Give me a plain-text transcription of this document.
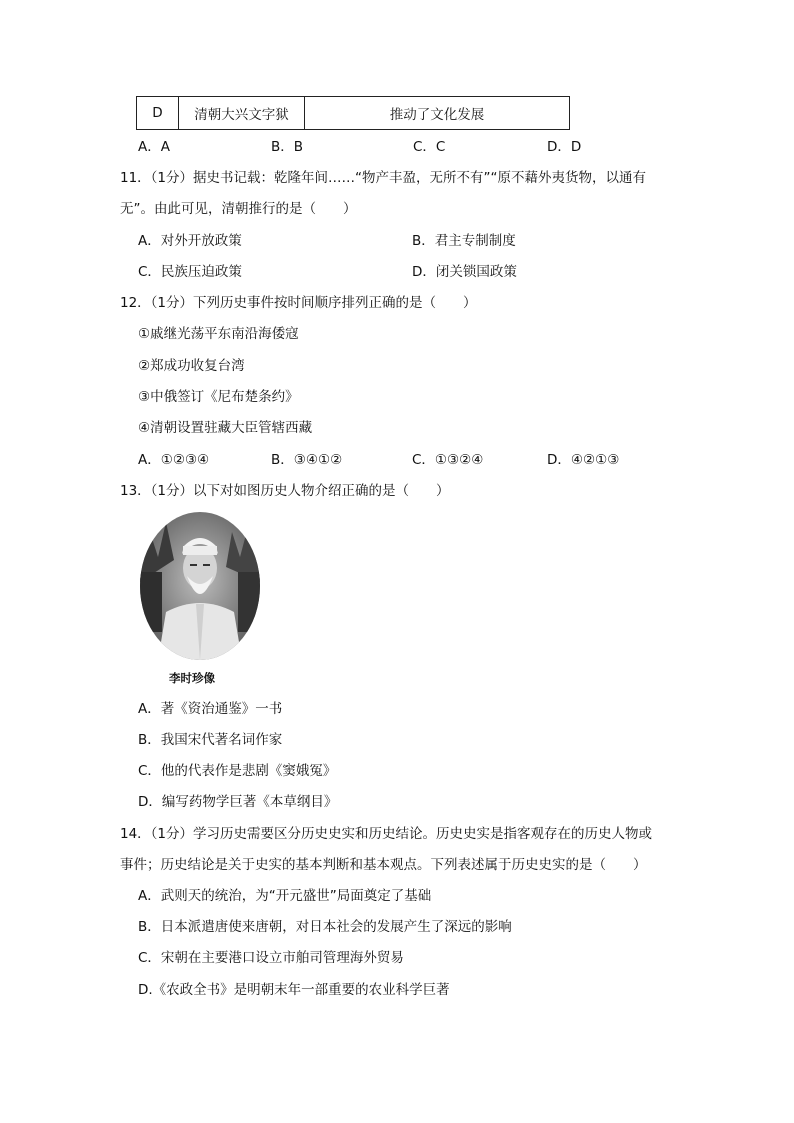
D	清朝大兴文字狱	推动了文化发展
A．A	B．B	C．C	D．D
11．（1分）据史书记载：乾隆年间……“物产丰盈，无所不有”“原不藉外夷货物，以通有
无”。由此可见，清朝推行的是（　　）
A．对外开放政策	B．君主专制制度
C．民族压迫政策	D．闭关锁国政策
12．（1分）下列历史事件按时间顺序排列正确的是（　　）
①戚继光荡平东南沿海倭寇
②郑成功收复台湾
③中俄签订《尼布楚条约》
④清朝设置驻藏大臣管辖西藏
A．①②③④	B．③④①②	C．①③②④	D．④②①③
13．（1分）以下对如图历史人物介绍正确的是（　　）
李时珍像
A．著《资治通鉴》一书
B．我国宋代著名词作家
C．他的代表作是悲剧《窦娥冤》
D．编写药物学巨著《本草纲目》
14．（1分）学习历史需要区分历史史实和历史结论。历史史实是指客观存在的历史人物或
事件；历史结论是关于史实的基本判断和基本观点。下列表述属于历史史实的是（　　）
A．武则天的统治，为“开元盛世”局面奠定了基础
B．日本派遣唐使来唐朝，对日本社会的发展产生了深远的影响
C．宋朝在主要港口设立市舶司管理海外贸易
D.《农政全书》是明朝末年一部重要的农业科学巨著
